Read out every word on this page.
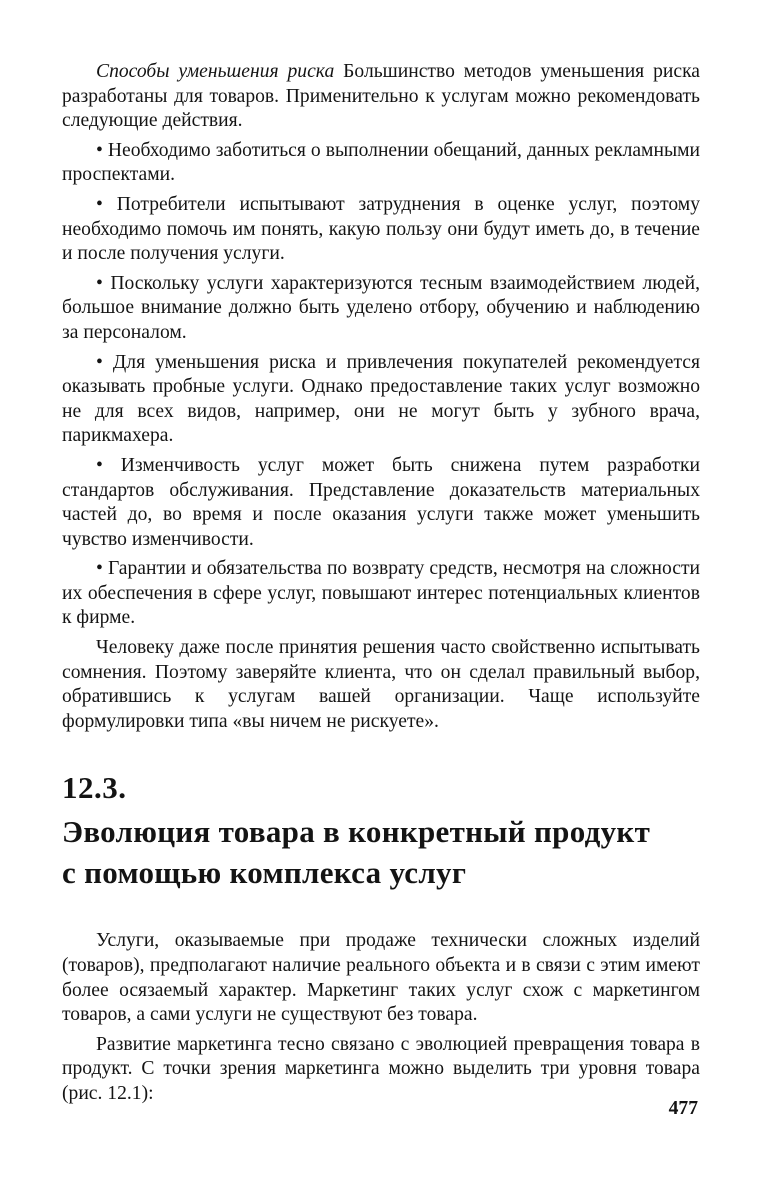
Способы уменьшения риска Большинство методов уменьшения риска разработаны для товаров. Применительно к услугам можно рекомендовать следующие действия.

• Необходимо заботиться о выполнении обещаний, данных рекламными проспектами.

• Потребители испытывают затруднения в оценке услуг, поэтому необходимо помочь им понять, какую пользу они будут иметь до, в течение и после получения услуги.

• Поскольку услуги характеризуются тесным взаимодействием людей, большое внимание должно быть уделено отбору, обучению и наблюдению за персоналом.

• Для уменьшения риска и привлечения покупателей рекомендуется оказывать пробные услуги. Однако предоставление таких услуг возможно не для всех видов, например, они не могут быть у зубного врача, парикмахера.

• Изменчивость услуг может быть снижена путем разработки стандартов обслуживания. Представление доказательств материальных частей до, во время и после оказания услуги также может уменьшить чувство изменчивости.

• Гарантии и обязательства по возврату средств, несмотря на сложности их обеспечения в сфере услуг, повышают интерес потенциальных клиентов к фирме.

Человеку даже после принятия решения часто свойственно испытывать сомнения. Поэтому заверяйте клиента, что он сделал правильный выбор, обратившись к услугам вашей организации. Чаще используйте формулировки типа «вы ничем не рискуете».

12.3.
Эволюция товара в конкретный продукт
с помощью комплекса услуг

Услуги, оказываемые при продаже технически сложных изделий (товаров), предполагают наличие реального объекта и в связи с этим имеют более осязаемый характер. Маркетинг таких услуг схож с маркетингом товаров, а сами услуги не существуют без товара.

Развитие маркетинга тесно связано с эволюцией превращения товара в продукт. С точки зрения маркетинга можно выделить три уровня товара (рис. 12.1):

477
